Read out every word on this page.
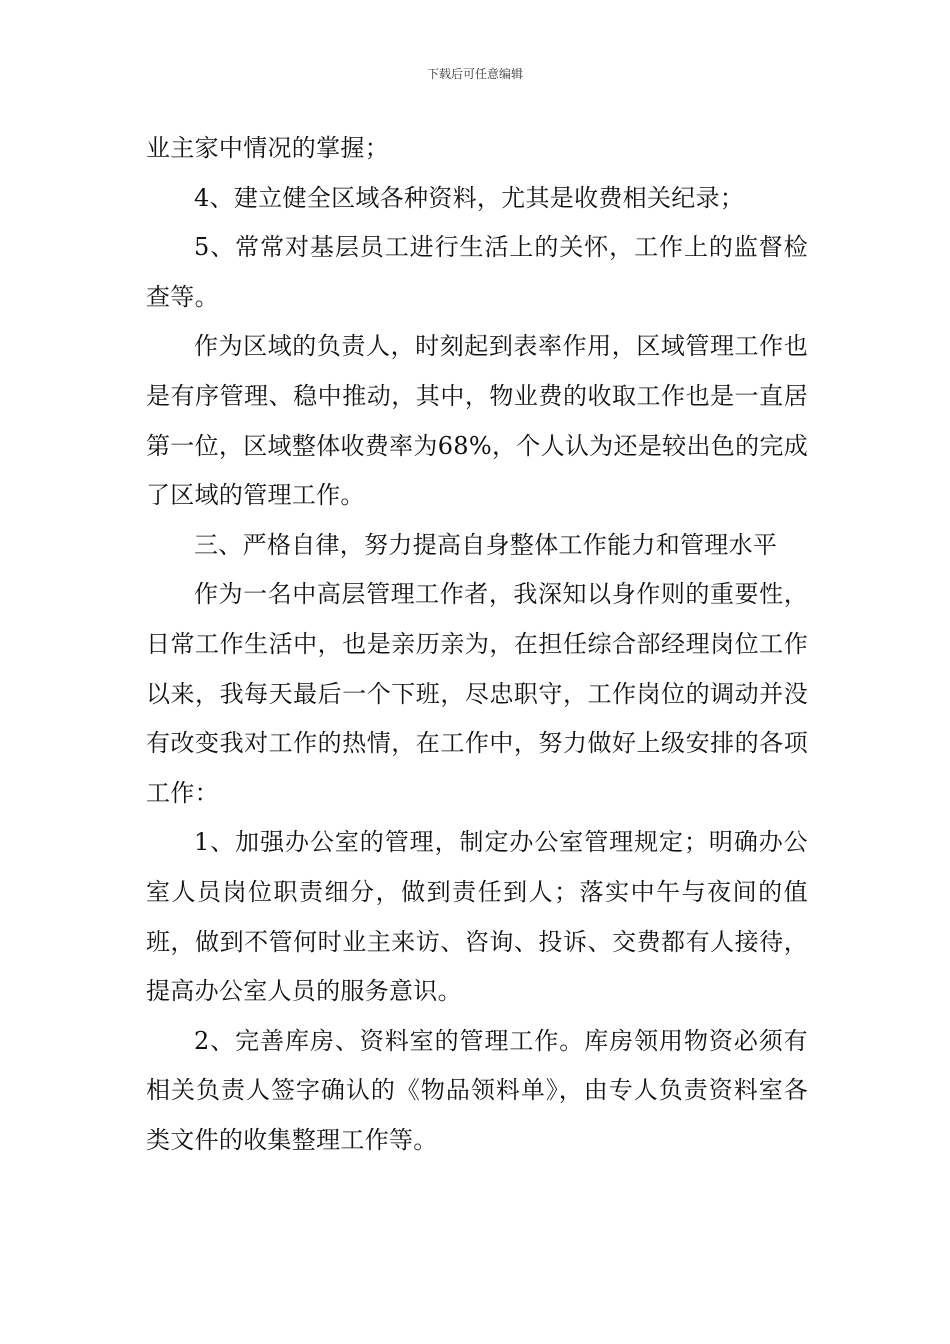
下载后可任意编辑

业主家中情况的掌握；

4、建立健全区域各种资料，尤其是收费相关纪录；

5、常常对基层员工进行生活上的关怀，工作上的监督检查等。

作为区域的负责人，时刻起到表率作用，区域管理工作也是有序管理、稳中推动，其中，物业费的收取工作也是一直居第一位，区域整体收费率为68%，个人认为还是较出色的完成了区域的管理工作。

三、严格自律，努力提高自身整体工作能力和管理水平

作为一名中高层管理工作者，我深知以身作则的重要性，日常工作生活中，也是亲历亲为，在担任综合部经理岗位工作以来，我每天最后一个下班，尽忠职守，工作岗位的调动并没有改变我对工作的热情，在工作中，努力做好上级安排的各项工作：

1、加强办公室的管理，制定办公室管理规定；明确办公室人员岗位职责细分，做到责任到人；落实中午与夜间的值班，做到不管何时业主来访、咨询、投诉、交费都有人接待，提高办公室人员的服务意识。

2、完善库房、资料室的管理工作。库房领用物资必须有相关负责人签字确认的《物品领料单》，由专人负责资料室各类文件的收集整理工作等。
